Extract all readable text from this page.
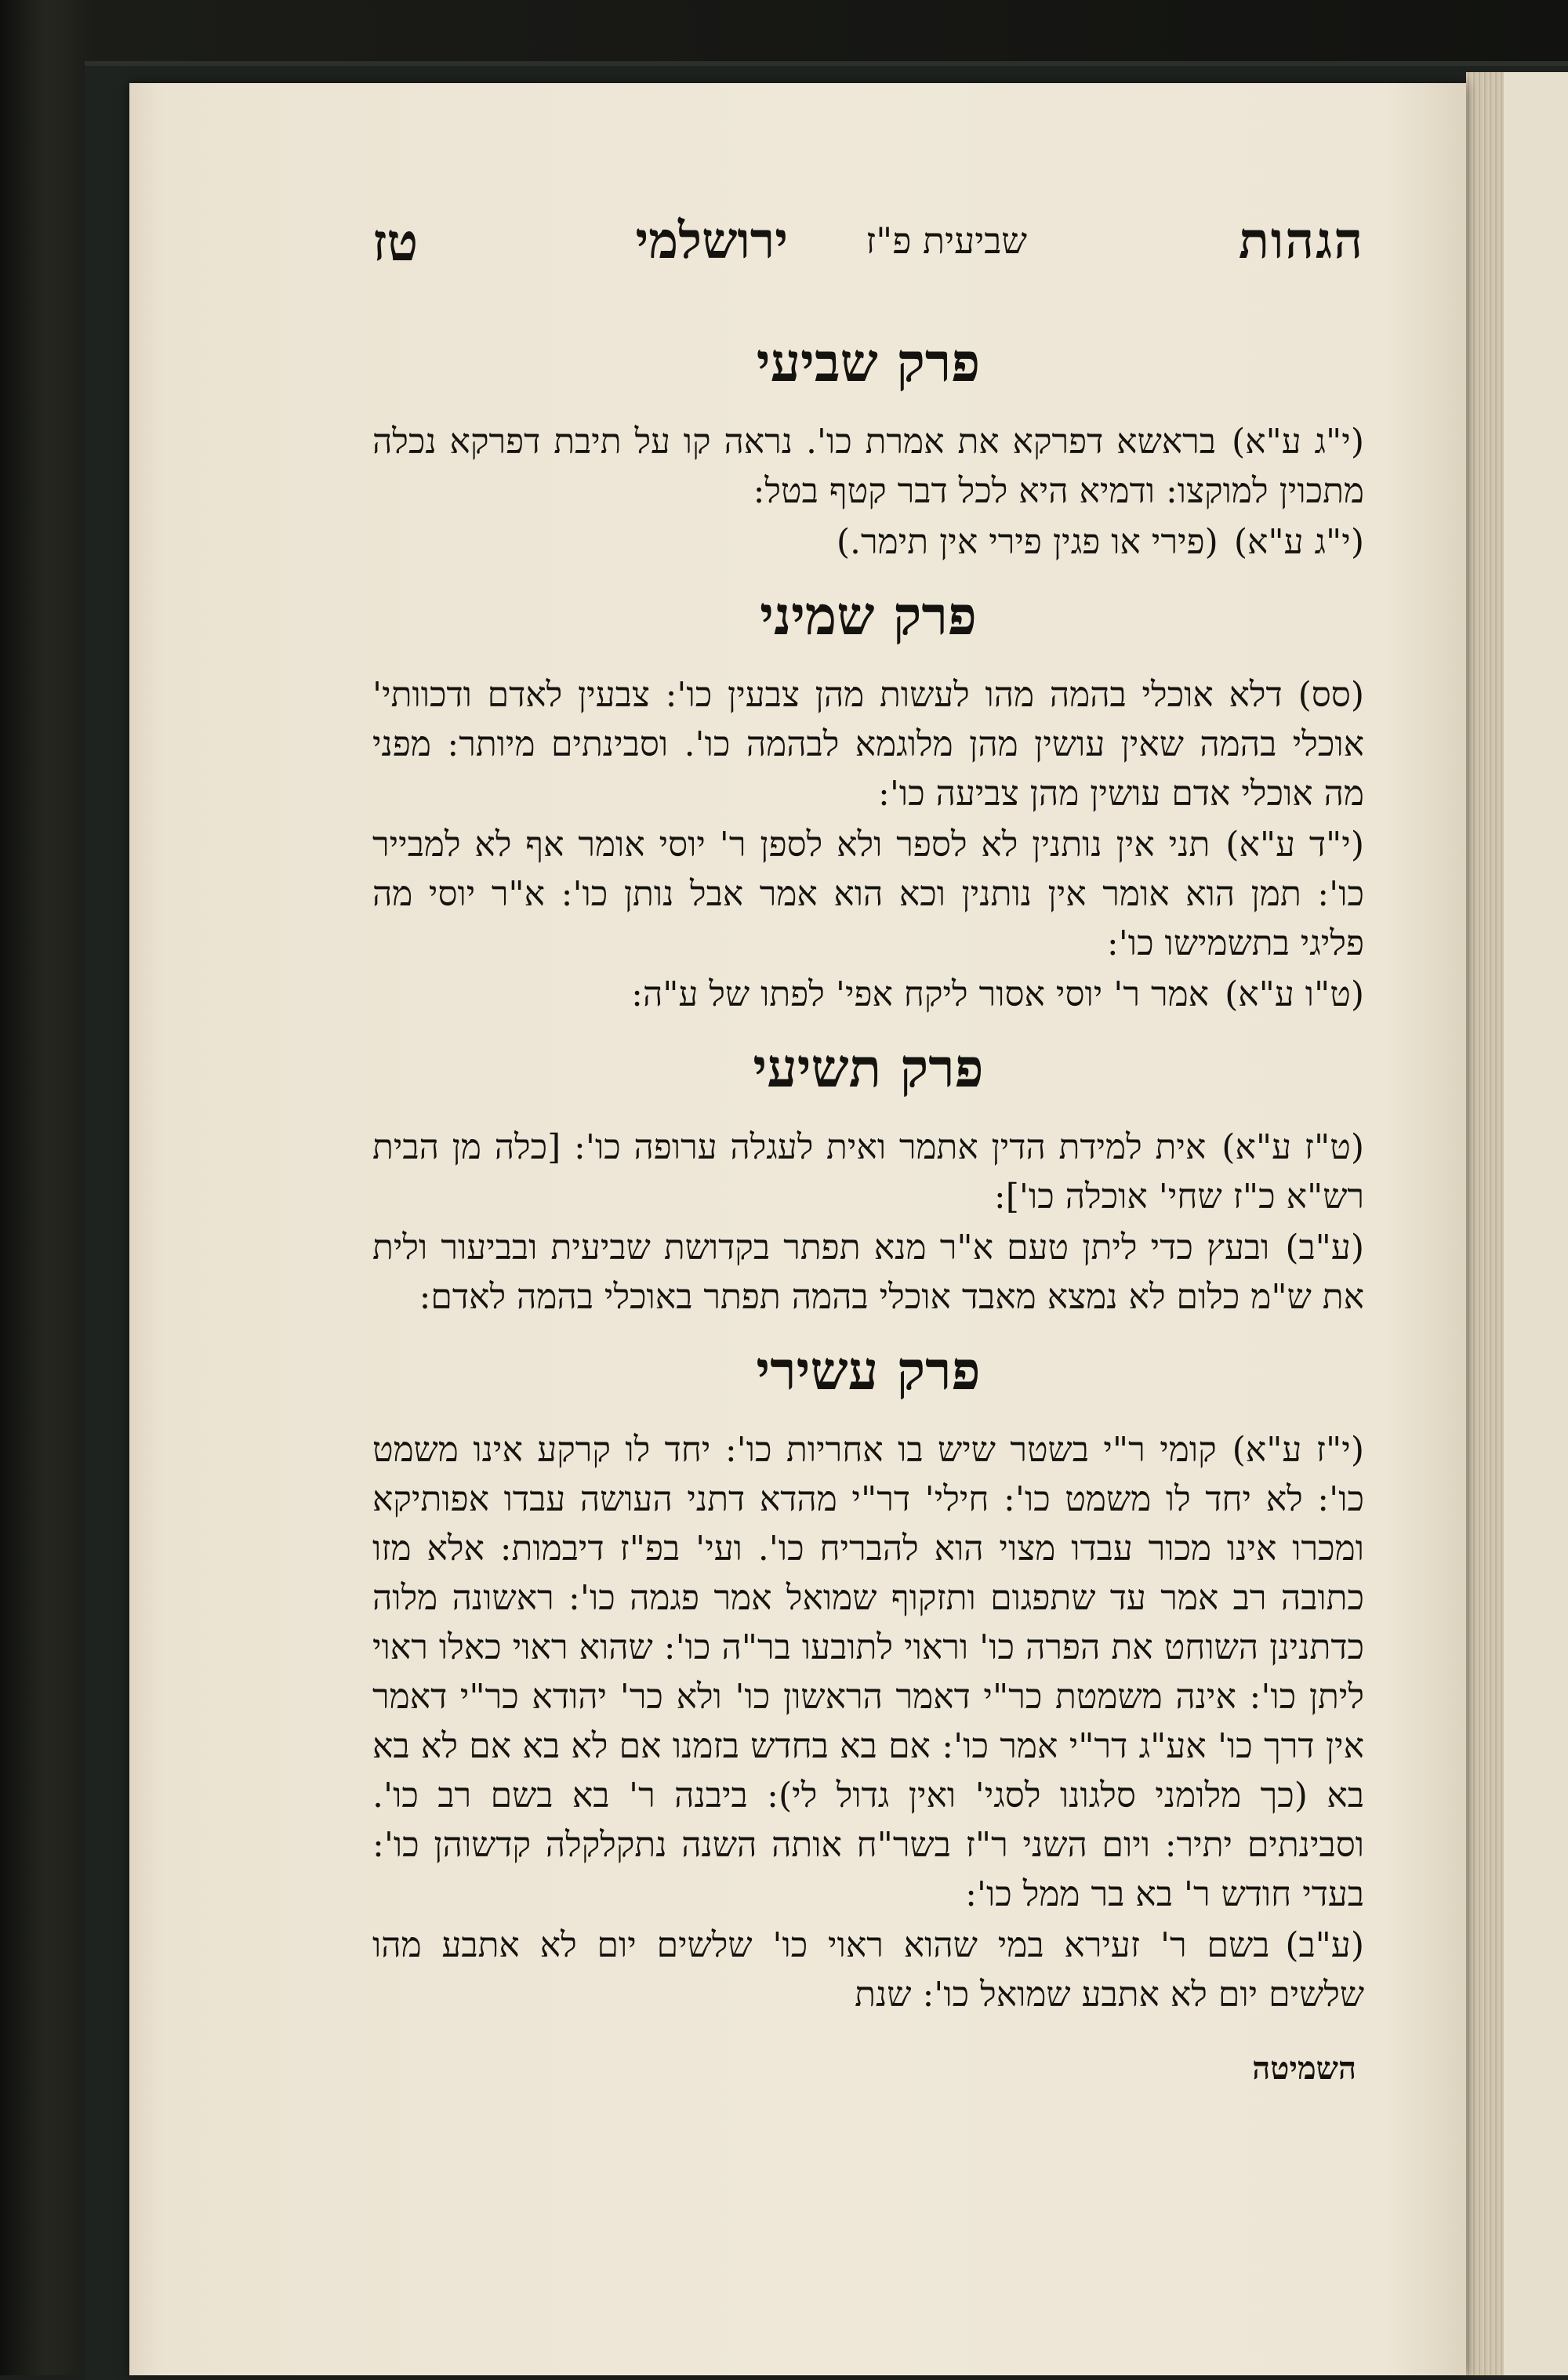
הגהות
שביעית פ"ז
ירושלמי
טז
פרק שביעי
(י"ג ע"א)בראשא דפרקא את אמרת כו'. נראה קו על תיבת דפרקא נכלה מתכוין למוקצו: ודמיא היא לכל דבר קטף בטל:
(י"ג ע"א)(פירי או פגין פירי אין תימר.)
פרק שמיני
(סס)דלא אוכלי בהמה מהו לעשות מהן צבעין כו': צבעין לאדם ודכוותי' אוכלי בהמה שאין עושין מהן מלוגמא לבהמה כו'. וסבינתים מיותר: מפני מה אוכלי אדם עושין מהן צביעה כו':
(י"ד ע"א)תני אין נותנין לא לספר ולא לספן ר' יוסי אומר אף לא למבייר כו': תמן הוא אומר אין נותנין וכא הוא אמר אבל נותן כו': א"ר יוסי מה פליגי בתשמישו כו':
(ט"ו ע"א)אמר ר' יוסי אסור ליקח אפי' לפתו של ע"ה:
פרק תשיעי
(ט"ז ע"א)אית למידת הדין אתמר ואית לעגלה ערופה כו': [כלה מן הבית רש"א כ"ז שחי' אוכלה כו']:
(ע"ב)ובעץ כדי ליתן טעם א"ר מנא תפתר בקדושת שביעית ובביעור ולית את ש"מ כלום לא נמצא מאבד אוכלי בהמה תפתר באוכלי בהמה לאדם:
פרק עשירי
(י"ז ע"א)קומי ר"י בשטר שיש בו אחריות כו': יחד לו קרקע אינו משמט כו': לא יחד לו משמט כו': חילי' דר"י מהדא דתני העושה עבדו אפותיקא ומכרו אינו מכור עבדו מצוי הוא להבריח כו'. ועי' בפ"ז דיבמות: אלא מזו כתובה רב אמר עד שתפגום ותזקוף שמואל אמר פגמה כו': ראשונה מלוה כדתנינן השוחט את הפרה כו' וראוי לתובעו בר"ה כו': שהוא ראוי כאלו ראוי ליתן כו': אינה משמטת כר"י דאמר הראשון כו' ולא כר' יהודא כר"י דאמר אין דרך כו' אע"ג דר"י אמר כו': אם בא בחדש בזמנו אם לא בא אם לא בא בא (כך מלומני סלגונו לסגי' ואין גדול לי): ביבנה ר' בא בשם רב כו'. וסבינתים יתיר: ויום השני ר"ז בשר"ח אותה השנה נתקלקלה קדשוהן כו': בעדי חודש ר' בא בר ממל כו':
(ע"ב)בשם ר' זעירא במי שהוא ראוי כו' שלשים יום לא אתבע מהו שלשים יום לא אתבע שמואל כו': שנת
השמיטה
